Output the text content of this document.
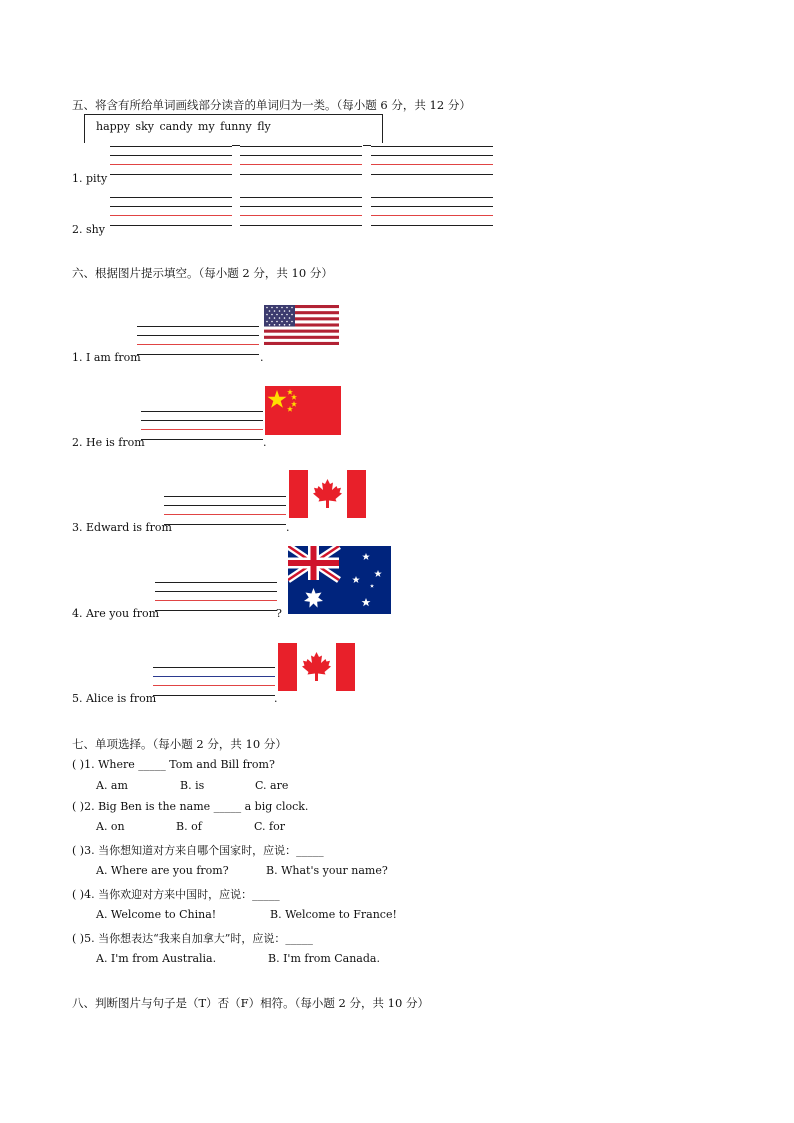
五、将含有所给单词画线部分读音的单词归为一类。（每小题 6 分，共 12 分）
happy sky candy my funny fly
1. pity
2. shy
六、根据图片提示填空。（每小题 2 分，共 10 分）
1. I am from	.
2. He is from	.
3. Edward is from	.
4. Are you from	?
5. Alice is from	.
七、单项选择。（每小题 2 分，共 10 分）
( )1. Where _____ Tom and Bill from?
A. am	B. is	C. are
( )2. Big Ben is the name _____ a big clock.
A. on	B. of	C. for
( )3. 当你想知道对方来自哪个国家时，应说：_____
A. Where are you from?	B. What's your name?
( )4. 当你欢迎对方来中国时，应说：_____
A. Welcome to China!	B. Welcome to France!
( )5. 当你想表达“我来自加拿大”时，应说：_____
A. I'm from Australia.	B. I'm from Canada.
八、判断图片与句子是（T）否（F）相符。（每小题 2 分，共 10 分）
